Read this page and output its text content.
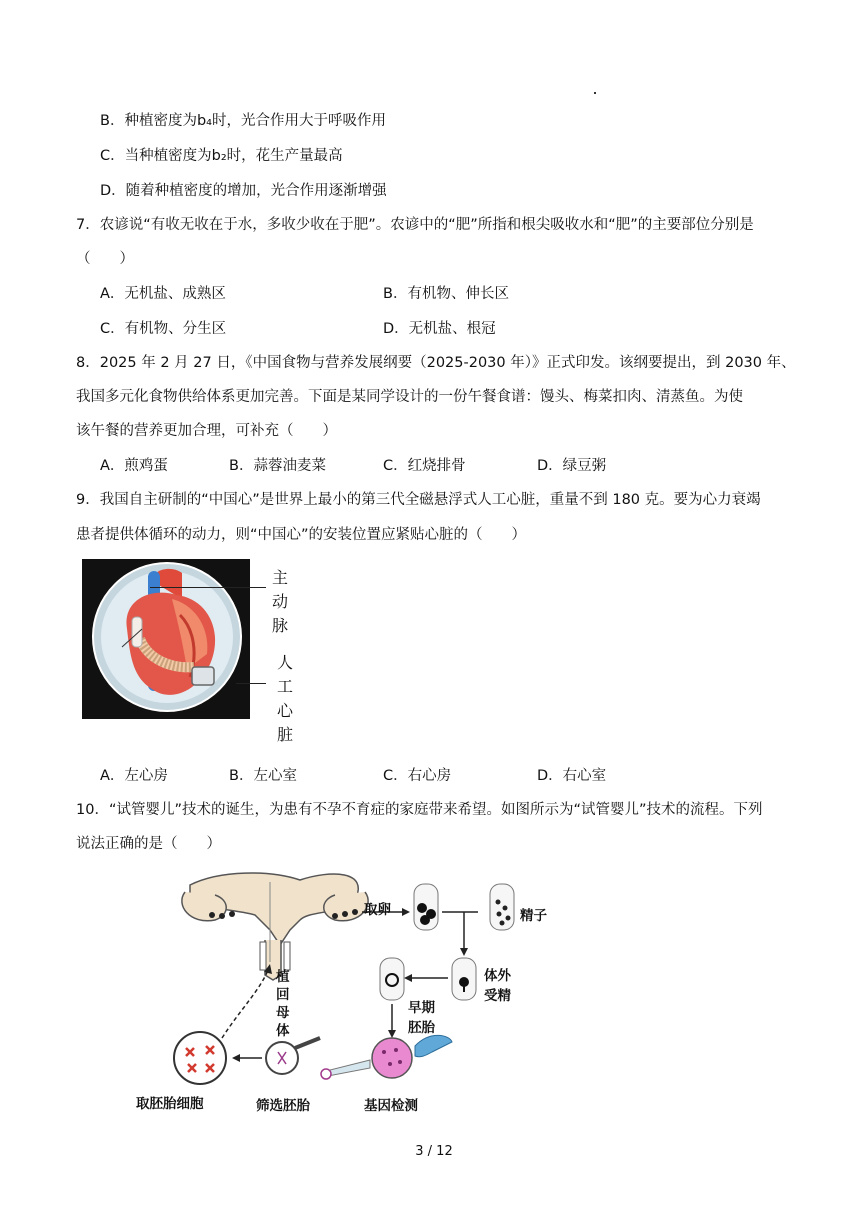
B．种植密度为b₄时，光合作用大于呼吸作用
C．当种植密度为b₂时，花生产量最高
D．随着种植密度的增加，光合作用逐渐增强
7．农谚说“有收无收在于水，多收少收在于肥”。农谚中的“肥”所指和根尖吸收水和“肥”的主要部位分别是
（　　）
A．无机盐、成熟区	B．有机物、伸长区
C．有机物、分生区	D．无机盐、根冠
8．2025 年 2 月 27 日，《中国食物与营养发展纲要（2025-2030 年）》正式印发。该纲要提出，到 2030 年、
我国多元化食物供给体系更加完善。下面是某同学设计的一份午餐食谱：馒头、梅菜扣肉、清蒸鱼。为使
该午餐的营养更加合理，可补充（　　）
A．煎鸡蛋	B．蒜蓉油麦菜	C．红烧排骨	D．绿豆粥
9．我国自主研制的“中国心”是世界上最小的第三代全磁悬浮式人工心脏，重量不到 180 克。要为心力衰竭
患者提供体循环的动力，则“中国心”的安装位置应紧贴心脏的（　　）
主
动
脉
人
工
心
脏
A．左心房	B．左心室	C．右心房	D．右心室
10．“试管婴儿”技术的诞生，为患有不孕不育症的家庭带来希望。如图所示为“试管婴儿”技术的流程。下列
说法正确的是（　　）
取卵	精子
体外
受精
早期
胚胎
植
回
母
体
取胚胎细胞	筛选胚胎	基因检测
3 / 12
